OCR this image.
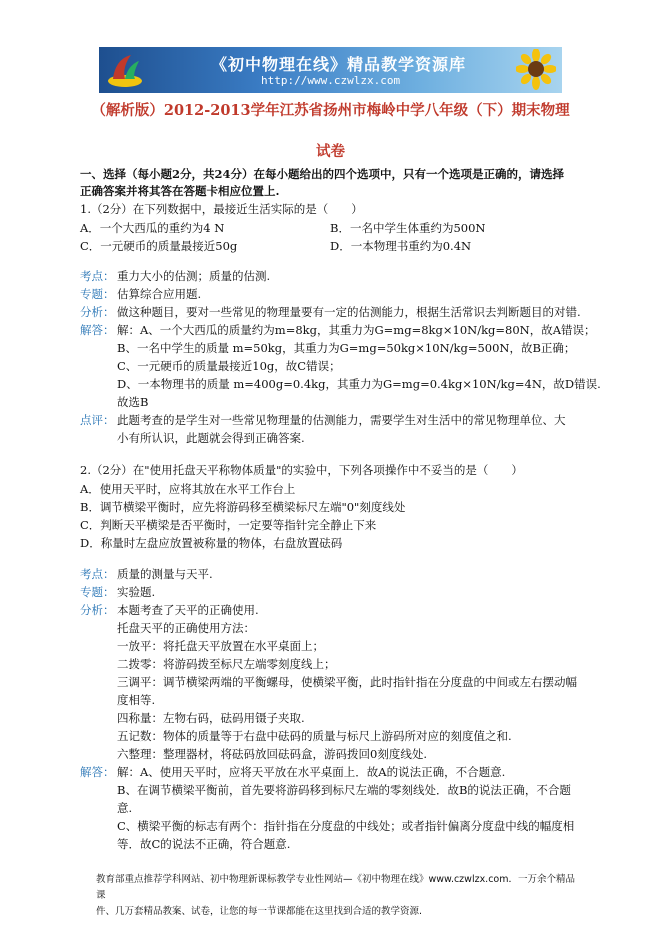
《初中物理在线》精品教学资源库
http://www.czwlzx.com
（解析版）2012-2013学年江苏省扬州市梅岭中学八年级（下）期末物理
试卷
一、选择（每小题2分，共24分）在每小题给出的四个选项中，只有一个选项是正确的，请选择
正确答案并将其答在答题卡相应位置上.
1.（2分）在下列数据中，最接近生活实际的是（　　）
A．一个大西瓜的重约为4 N	B．一名中学生体重约为500N
C．一元硬币的质量最接近50g	D．一本物理书重约为0.4N
考点： 重力大小的估测；质量的估测.
专题： 估算综合应用题.
分析： 做这种题目，要对一些常见的物理量要有一定的估测能力，根据生活常识去判断题目的对错.
解答： 解：A、一个大西瓜的质量约为m=8kg，其重力为G=mg=8kg×10N/kg=80N，故A错误；
B、一名中学生的质量 m=50kg，其重力为G=mg=50kg×10N/kg=500N，故B正确；
C、一元硬币的质量最接近10g，故C错误；
D、一本物理书的质量 m=400g=0.4kg，其重力为G=mg=0.4kg×10N/kg=4N，故D错误.
故选B
点评： 此题考查的是学生对一些常见物理量的估测能力，需要学生对生活中的常见物理单位、大
小有所认识，此题就会得到正确答案.
2.（2分）在"使用托盘天平称物体质量"的实验中，下列各项操作中不妥当的是（　　）
A．使用天平时，应将其放在水平工作台上
B．调节横梁平衡时，应先将游码移至横梁标尺左端"0"刻度线处
C．判断天平横梁是否平衡时，一定要等指针完全静止下来
D．称量时左盘应放置被称量的物体，右盘放置砝码
考点： 质量的测量与天平.
专题： 实验题.
分析： 本题考查了天平的正确使用.
托盘天平的正确使用方法：
一放平：将托盘天平放置在水平桌面上；
二拨零：将游码拨至标尺左端零刻度线上；
三调平：调节横梁两端的平衡螺母，使横梁平衡，此时指针指在分度盘的中间或左右摆动幅
度相等.
四称量：左物右码，砝码用镊子夹取.
五记数：物体的质量等于右盘中砝码的质量与标尺上游码所对应的刻度值之和.
六整理：整理器材，将砝码放回砝码盒，游码拨回0刻度线处.
解答： 解：A、使用天平时，应将天平放在水平桌面上．故A的说法正确，不合题意.
B、在调节横梁平衡前，首先要将游码移到标尺左端的零刻线处．故B的说法正确，不合题
意.
C、横梁平衡的标志有两个：指针指在分度盘的中线处；或者指针偏离分度盘中线的幅度相
等．故C的说法不正确，符合题意.
教育部重点推荐学科网站、初中物理新课标教学专业性网站—《初中物理在线》www.czwlzx.com．一万余个精品课
件、几万套精品教案、试卷，让您的每一节课都能在这里找到合适的教学资源.
